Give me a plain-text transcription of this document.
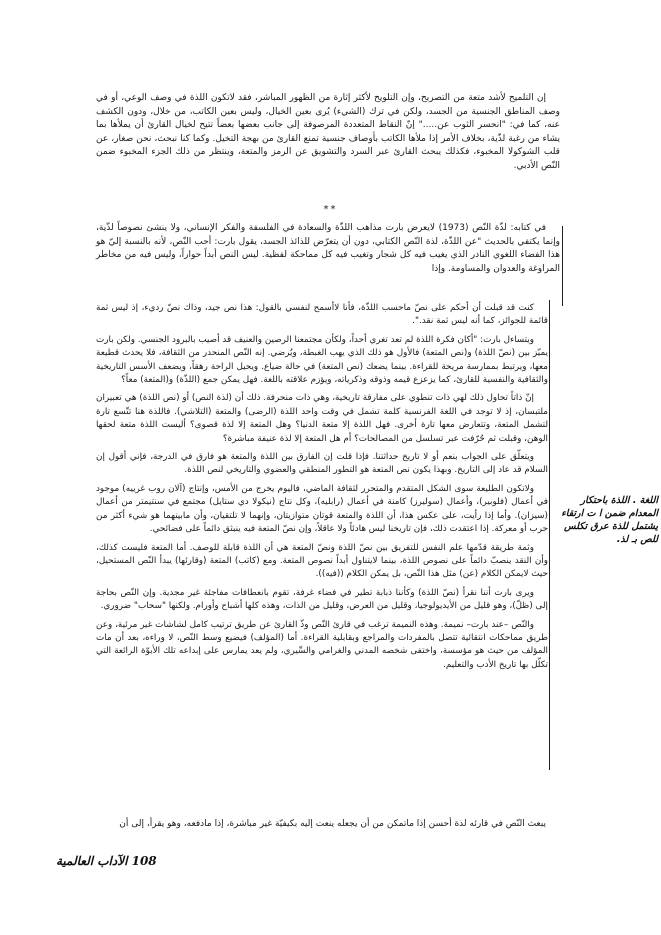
إن التلميح لأشد متعة من التصريح، وإن التلويح لأكثر إثارة من الظهور المباشر، فقد لاتكون اللذة في وصف الوعي، أو في وصف المناطق الجنسية من الجسد، ولكن في ترك (الشيء) يُرى بعين الخيال، وليس بعين الكاتب، من خلال، ودون الكشف عنه، كما في: "انحسر الثوب عن....." إنّ النقاط المتعددة المرصوفة إلى جانب بعضها بعضاً تتيح لخيال القارئ أن يملأها بما يشاء من رغبة لذّية، بخلاف الأمر إذا ملأها الكاتب بأوصاف جنسية تمنع القارئ من بهجة التخيل. وكما كنا نبحث، نحن صغار، عن قلب الشوكولا المخبوء، فكذلك يبحث القارئ عبر السرد والتشويق عن الرمز والمتعة، وينتظر من ذلك الجزء المخبوء ضمن النّص الأدبي.

**

في كتابه: لذّة النّص (1973) لايعرض بارت مذاهب اللذّة والسعادة في الفلسفة والفكر الإنساني، ولا ينشئ نصوصاً لذّية، وإنما يكتفي بالحديث "عن اللذّة، لذة النّص الكتابي، دون أن يتعرّض للذائذ الجسد، يقول بارت: أحب النّص، لأنه بالنسبة إليّ هو هذا الفضاء اللغوي النادر الذي يغيب فيه كل شجار وتغيب فيه كل مماحكة لفظية. ليس النص أبداً حواراً، وليس فيه من مخاطر المراوغة والعدوان والمساومة. وإذا

كنت قد قبلت أن أحكم على نصّ ماحسب اللذّة، فأنا لاأسمح لنفسي بالقول: هذا نص جيد، وذاك نصّ رديء، إذ ليس ثمة قائمة للجوائز، كما أنه ليس ثمة نقد.".

ويتساءل بارت: "أكان فكرة اللذة لم تعد تغري أحداً، ولكأن مجتمعنا الرصين والعنيف قد أصيب بالبرود الجنسي. ولكن بارت يميّز بين (نصّ اللذة) و(نص المتعة) فالأول هو ذلك الذي يهب الغبطة، ويُرضي. إنه النّص المنحدر من الثقافة، فلا يحدث قطيعة معها، ويرتبط بممارسة مريحة للقراءة. بينما يضعك (نص المتعة) في حالة ضياع. ويحيل الراحة رهقاً، ويضعف الأسس التاريخية والثقافية والنفسية للقارئ، كما يزعزع قيمه وذوقه وذكرياته، ويؤزم علاقته باللغة. فهل يمكن جمع (اللذّة) و(المتعة) معاً؟

إنّ ذاتاً تحاول ذلك لهي ذات تنطوي على مفارقة تاريخية، وهي ذات منحرفة. ذلك أن (لذة النص) أو (نص اللذة) هي تعبيران ملتبسان، إذ لا توجد في اللغة الفرنسية كلمة تشمل في وقت واحد اللذة (الرضى) والمتعة (التلاشي). فاللذة هنا تتّسع تارة لتشمل المتعة، وتتعارض معها تارة أخرى. فهل اللذة إلا متعة الدنيا؟ وهل المتعة إلا لذة قصوى؟ أليست اللذة متعة لحقها الوهن، وقبلت ثم حُرّفت عبر تسلسل من المصالحات؟ أم هل المتعة إلا لذة عنيفة مباشرة؟

ويتعلّق على الجواب بنعم أو لا تاريخ حداثتنا. فإذا قلت إن الفارق بين اللذة والمتعة هو فارق في الدرجة، فإني أقول إن السلام قد عاد إلى التاريخ. وبهذا يكون نص المتعة هو التطور المنطقي والعضوي والتاريخي لنص اللذة.

ولاتكون الطليعة سوى الشكل المتقدم والمتحرر لثقافة الماضي، فاليوم يخرج من الأمس، وإنتاج (آلان روب غرييه) موجود في أعمال (فلوبير)، وأعمال (سوليرز) كامنة في أعمال (رابليه)، وكل نتاج (نيكولا دي ستايل) مجتمع في سنتيمتر من أعمال (سيزان). وأما إذا رأيت، على عكس هذا، أن اللذة والمتعة قوتان متوازيتان، وإنهما لا تلتقيان، وأن مابينهما هو شيء أكثر من حرب أو معركة. إذا اعتقدت ذلك، فإن تاريخنا ليس هادئاً ولا عاقلاً، وإن نصّ المتعة فيه ينبثق دائماً على فضائحي.

وثمة طريقة قدّمها علم النفس للتفريق بين نصّ اللذة ونصّ المتعة هي أن اللذة قابلة للوصف. أما المتعة فليست كذلك، وأن النقد ينصبّ دائماً على نصوص اللذة، بينما لايتناول أبداً نصوص المتعة. ومع (كاتب) المتعة (وقارئها) يبدأ النّص المستحيل، حيث لايمكن الكلام (عن) مثل هذا النّص، بل يمكن الكلام ((فيه)).

ويرى بارت أننا نقرأ (نصّ اللذة) وكأننا ذبابة تطير في فضاء غرفة، تقوم بانعطافات مفاجئة غير مجدية. وإن النّص بحاجة إلى (ظلّ)، وهو قليل من الأيديولوجيا، وقليل من العرض، وقليل من الذات، وهذه كلها أشباح وأورام. ولكنها "سحاب" ضروري.

والنّص –عند بارت– نميمة. وهذه النميمة ترغب في قارئ النّص وذّ القارئ عن طريق ترتيب كامل لشاشات غير مرئية، وعن طريق مماحكات انتقائية تتصل بالمفردات والمراجع وبقابلية القراءة. أما (المؤلف) فيضيع وسط النّص، لا وراءه، بعد أن مات المؤلف من حيث هو مؤسسة، واختفى شخصه المدني والغرامي والسِّيري، ولم يعد يمارس على إبداعه تلك الأبوّة الرائعة التي تكلّل بها تاريخ الأدب والتعليم.

اللغة . اللذة باحتكار المعدام ضمن ا ت ارتقاء يشتمل للذة عرق تكلس للص بـ لذ.

يبعث النّص في قارئه لذة أحسن إذا ماتمكن من أن يجعله ينعت إليه بكيفيّة غير مباشرة، إذا مادفعه، وهو يقرأ، إلى أن

108 الآداب العالمية
